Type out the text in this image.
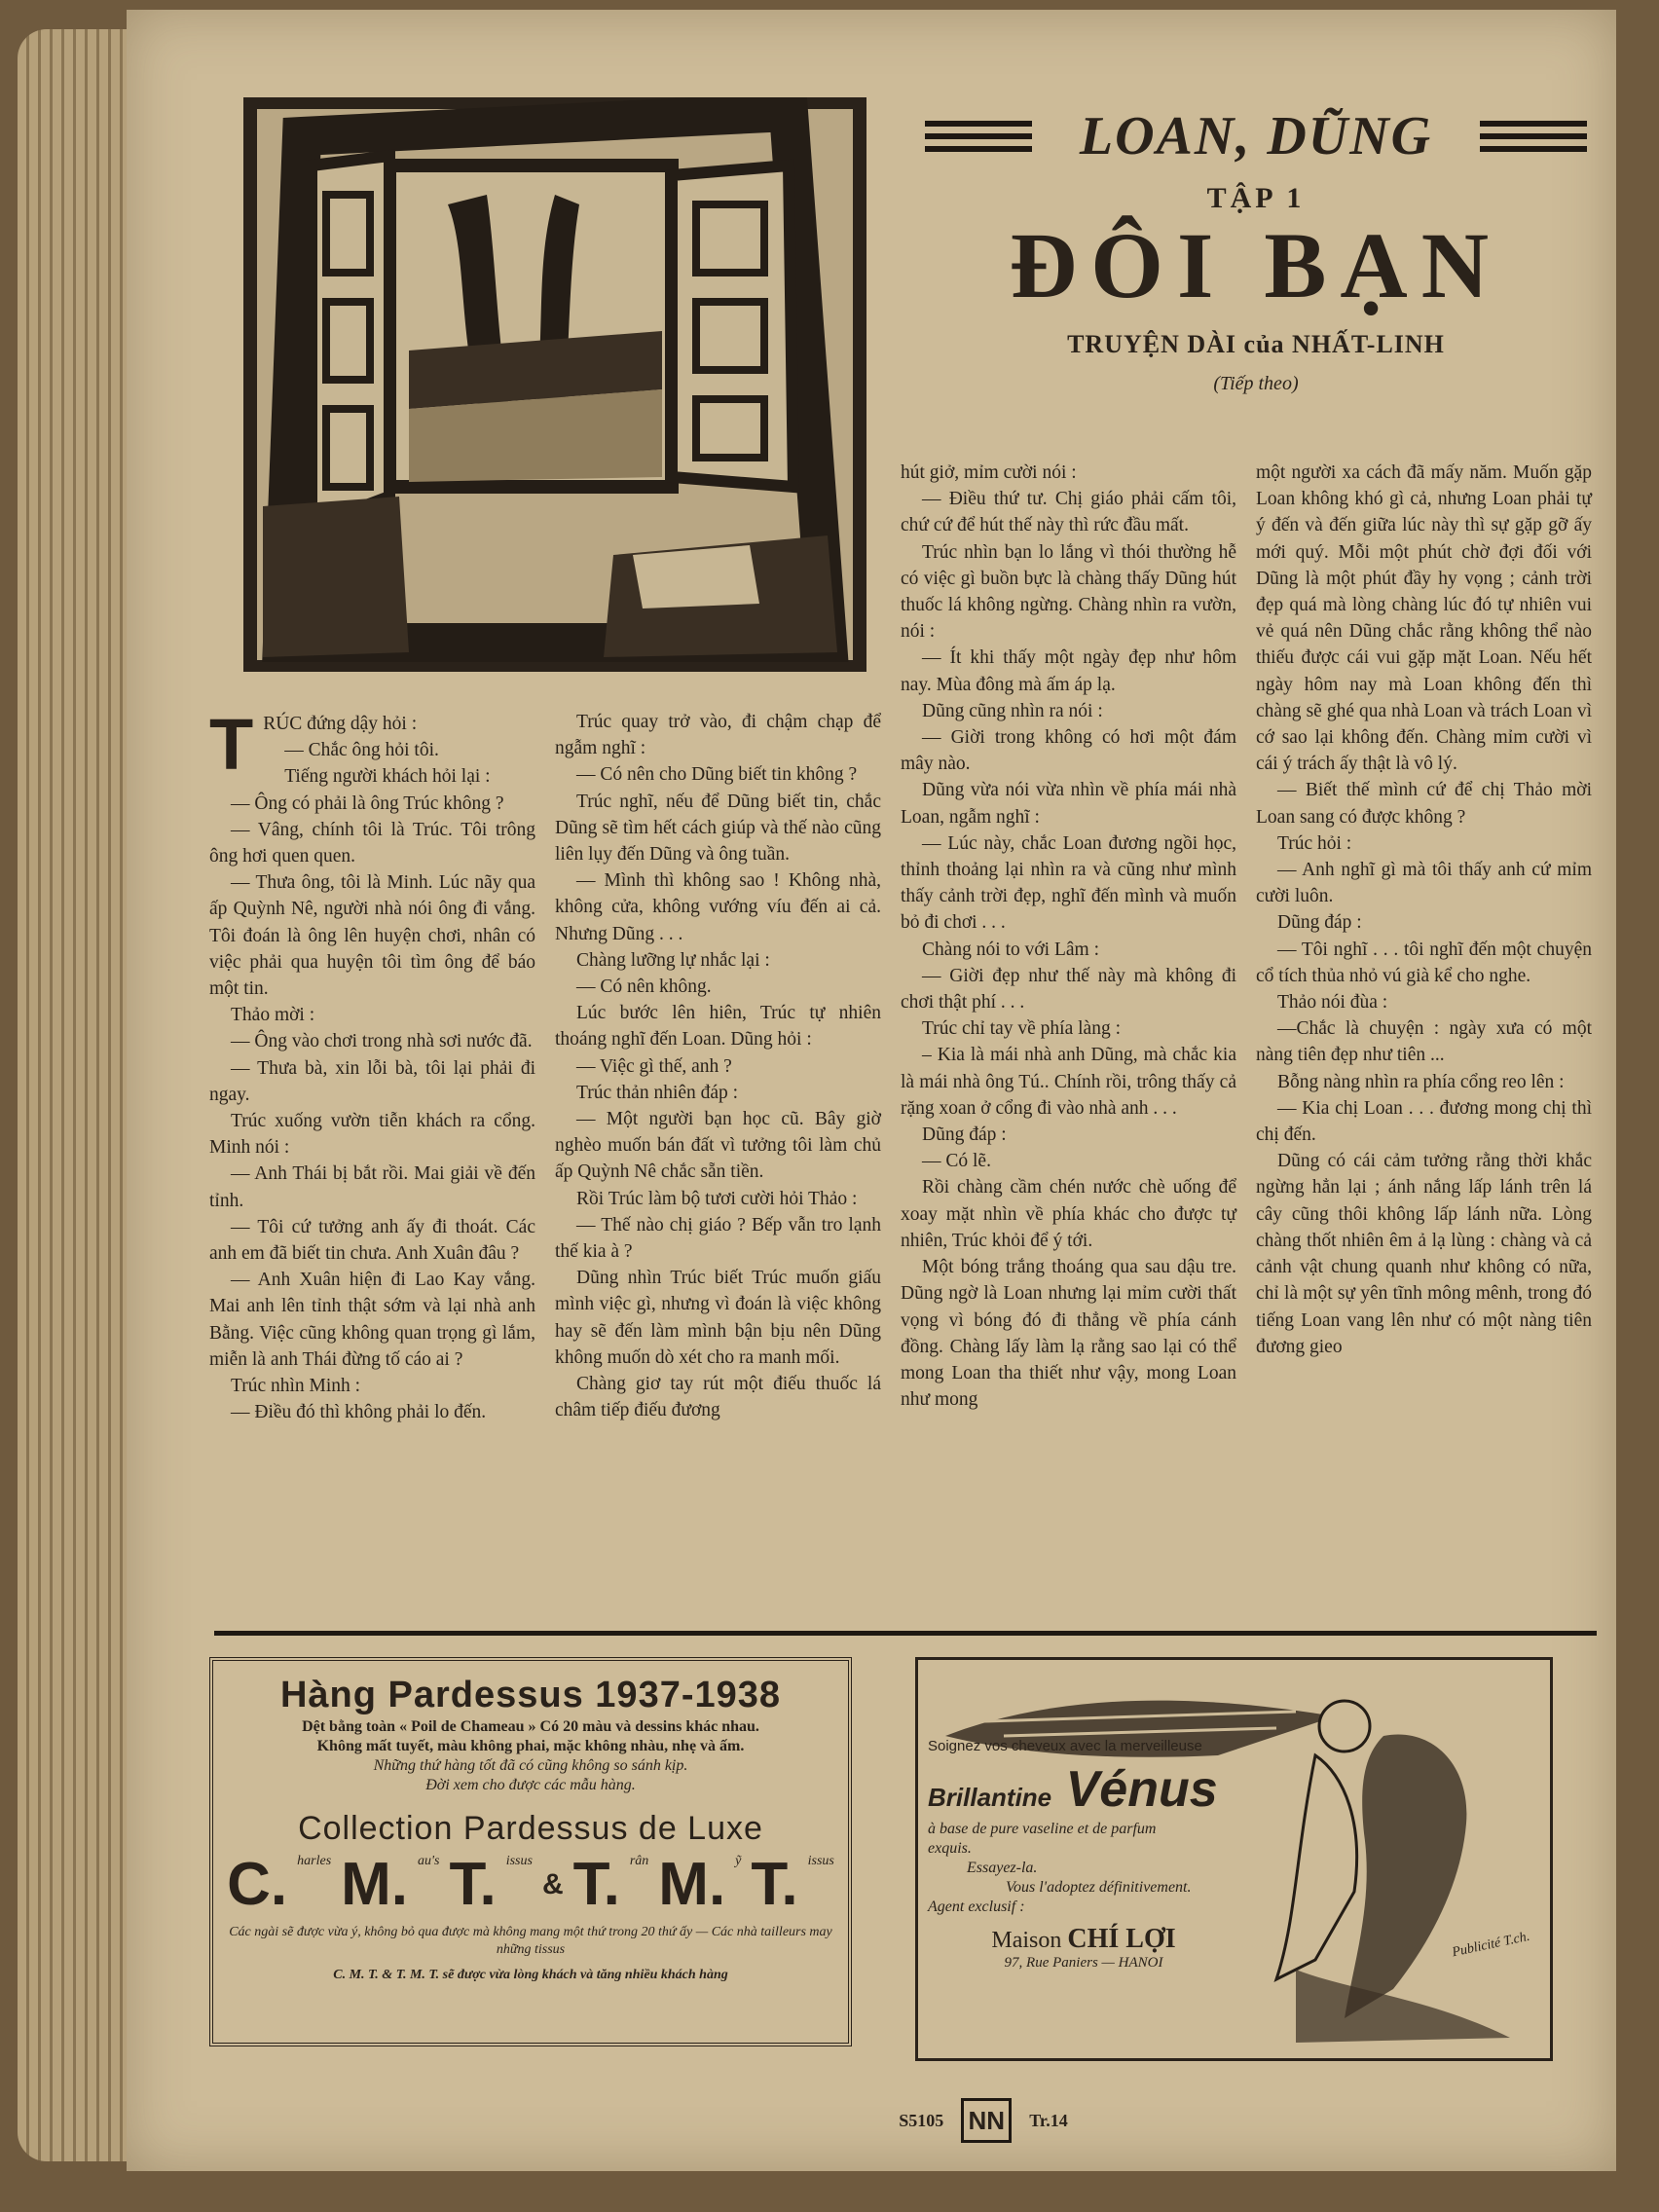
LOAN, DŨNG
TẬP 1
ĐÔI BẠN
TRUYỆN DÀI của NHẤT-LINH
(Tiếp theo)
T RÚC đứng dậy hỏi :

— Chắc ông hỏi tôi.

Tiếng người khách hỏi lại :

— Ông có phải là ông Trúc không ?

— Vâng, chính tôi là Trúc. Tôi trông ông hơi quen quen.

— Thưa ông, tôi là Minh. Lúc nãy qua ấp Quỳnh Nê, người nhà nói ông đi vắng. Tôi đoán là ông lên huyện chơi, nhân có việc phải qua huyện tôi tìm ông để báo một tin.

Thảo mời :

— Ông vào chơi trong nhà sơi nước đã.

— Thưa bà, xin lỗi bà, tôi lại phải đi ngay.

Trúc xuống vườn tiễn khách ra cổng. Minh nói :

— Anh Thái bị bắt rồi. Mai giải về đến tỉnh.

— Tôi cứ tưởng anh ấy đi thoát. Các anh em đã biết tin chưa. Anh Xuân đâu ?

— Anh Xuân hiện đi Lao Kay vắng. Mai anh lên tỉnh thật sớm và lại nhà anh Bằng. Việc cũng không quan trọng gì lắm, miễn là anh Thái đừng tố cáo ai ?

Trúc nhìn Minh :

— Điều đó thì không phải lo đến.

Trúc quay trở vào, đi chậm chạp để ngẫm nghĩ :

— Có nên cho Dũng biết tin không ?

Trúc nghĩ, nếu để Dũng biết tin, chắc Dũng sẽ tìm hết cách giúp và thế nào cũng liên lụy đến Dũng và ông tuần.

— Mình thì không sao ! Không nhà, không cửa, không vướng víu đến ai cả. Nhưng Dũng . . .

Chàng lưỡng lự nhắc lại :

— Có nên không.

Lúc bước lên hiên, Trúc tự nhiên thoáng nghĩ đến Loan. Dũng hỏi :

— Việc gì thế, anh ?

Trúc thản nhiên đáp :

— Một người bạn học cũ. Bây giờ nghèo muốn bán đất vì tưởng tôi làm chủ ấp Quỳnh Nê chắc sẵn tiền.

Rồi Trúc làm bộ tươi cười hỏi Thảo :

— Thế nào chị giáo ? Bếp vẫn tro lạnh thế kia à ?

Dũng nhìn Trúc biết Trúc muốn giấu mình việc gì, nhưng vì đoán là việc không hay sẽ đến làm mình bận bịu nên Dũng không muốn dò xét cho ra manh mối.

Chàng giơ tay rút một điếu thuốc lá châm tiếp điếu đương

hút giở, mỉm cười nói :

— Điều thứ tư. Chị giáo phải cấm tôi, chứ cứ để hút thế này thì rức đầu mất.

Trúc nhìn bạn lo lắng vì thói thường hễ có việc gì buồn bực là chàng thấy Dũng hút thuốc lá không ngừng. Chàng nhìn ra vườn, nói :

— Ít khi thấy một ngày đẹp như hôm nay. Mùa đông mà ấm áp lạ.

Dũng cũng nhìn ra nói :

— Giời trong không có hơi một đám mây nào.

Dũng vừa nói vừa nhìn về phía mái nhà Loan, ngẫm nghĩ :

— Lúc này, chắc Loan đương ngồi học, thỉnh thoảng lại nhìn ra và cũng như mình thấy cảnh trời đẹp, nghĩ đến mình và muốn bỏ đi chơi . . .

Chàng nói to với Lâm :

— Giời đẹp như thế này mà không đi chơi thật phí . . .

Trúc chỉ tay về phía làng :

– Kia là mái nhà anh Dũng, mà chắc kia là mái nhà ông Tú.. Chính rồi, trông thấy cả rặng xoan ở cổng đi vào nhà anh . . .

Dũng đáp :

— Có lẽ.

Rồi chàng cầm chén nước chè uống để xoay mặt nhìn về phía khác cho được tự nhiên, Trúc khỏi để ý tới.

Một bóng trắng thoáng qua sau dậu tre. Dũng ngờ là Loan nhưng lại mỉm cười thất vọng vì bóng đó đi thẳng về phía cánh đồng. Chàng lấy làm lạ rằng sao lại có thể mong Loan tha thiết như vậy, mong Loan như mong

một người xa cách đã mấy năm. Muốn gặp Loan không khó gì cả, nhưng Loan phải tự ý đến và đến giữa lúc này thì sự gặp gỡ ấy mới quý. Mỗi một phút chờ đợi đối với Dũng là một phút đầy hy vọng ; cảnh trời đẹp quá mà lòng chàng lúc đó tự nhiên vui vẻ quá nên Dũng chắc rằng không thể nào thiếu được cái vui gặp mặt Loan. Nếu hết ngày hôm nay mà Loan không đến thì chàng sẽ ghé qua nhà Loan và trách Loan vì cớ sao lại không đến. Chàng mỉm cười vì cái ý trách ấy thật là vô lý.

— Biết thế mình cứ để chị Thảo mời Loan sang có được không ?

Trúc hỏi :

— Anh nghĩ gì mà tôi thấy anh cứ mỉm cười luôn.

Dũng đáp :

— Tôi nghĩ . . . tôi nghĩ đến một chuyện cổ tích thủa nhỏ vú già kể cho nghe.

Thảo nói đùa :

—Chắc là chuyện : ngày xưa có một nàng tiên đẹp như tiên ...

Bỗng nàng nhìn ra phía cổng reo lên :

— Kia chị Loan . . . đương mong chị thì chị đến.

Dũng có cái cảm tưởng rằng thời khắc ngừng hẳn lại ; ánh nắng lấp lánh trên lá cây cũng thôi không lấp lánh nữa. Lòng chàng thốt nhiên êm ả lạ lùng : chàng và cả cảnh vật chung quanh như không có nữa, chỉ là một sự yên tĩnh mông mênh, trong đó tiếng Loan vang lên như có một nàng tiên đương gieo

Hàng Pardessus 1937-1938
Dệt bằng toàn « Poil de Chameau » Có 20 màu và dessins khác nhau.
Không mất tuyết, màu không phai, mặc không nhàu, nhẹ và ấm.
Những thứ hàng tốt đã có cũng không so sánh kịp.
Đời xem cho được các mẫu hàng.
Collection Pardessus de Luxe
C. harles M. au's T. issus
& T. rân M. ỹ T. issus
Các ngài sẽ được vừa ý, không bỏ qua được mà không mang một thứ trong 20 thứ ấy — Các nhà tailleurs may những tissus
C. M. T. & T. M. T. sẽ được vừa lòng khách và tăng nhiều khách hàng
Soignez vos cheveux avec la merveilleuse
Brillantine Vénus
à base de pure vaseline et de parfum
exquis.
Essayez-la.
Vous l'adoptez définitivement.
Agent exclusif :
Maison CHÍ LỢI
97, Rue Paniers — HANOI
Publicité T.ch.
S5105 NN	Tr.14
